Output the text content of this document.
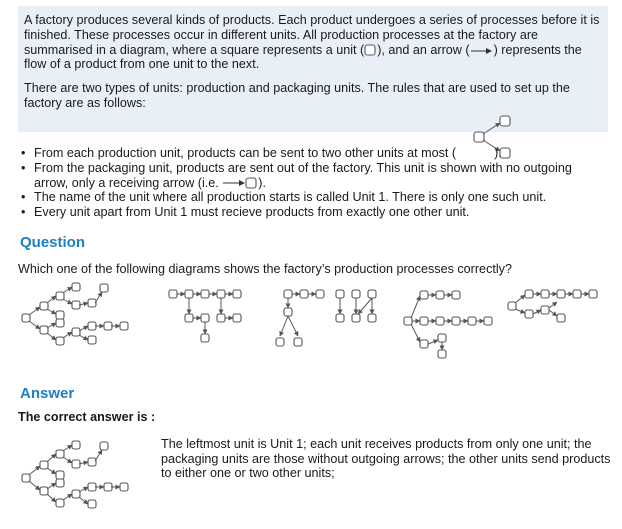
A factory produces several kinds of products. Each product undergoes a series of processes before it is finished. These processes occur in different units. All production processes at the factory are summarised in a diagram, where a square represents a unit ( ), and an arrow ( ) represents the flow of a product from one unit to the next.

There are two types of units: production and packaging units. The rules that are used to set up the factory are as follows:

• From each production unit, products can be sent to two other units at most (	).
• From the packaging unit, products are sent out of the factory. This unit is shown with no outgoing arrow, only a receiving arrow (i.e.	).
• The name of the unit where all production starts is called Unit 1. There is only one such unit.
• Every unit apart from Unit 1 must recieve products from exactly one other unit.
Question
Which one of the following diagrams shows the factory’s production processes correctly?
Answer
The correct answer is :
The leftmost unit is Unit 1; each unit receives products from only one unit; the packaging units are those without outgoing arrows; the other units send products to either one or two other units;
